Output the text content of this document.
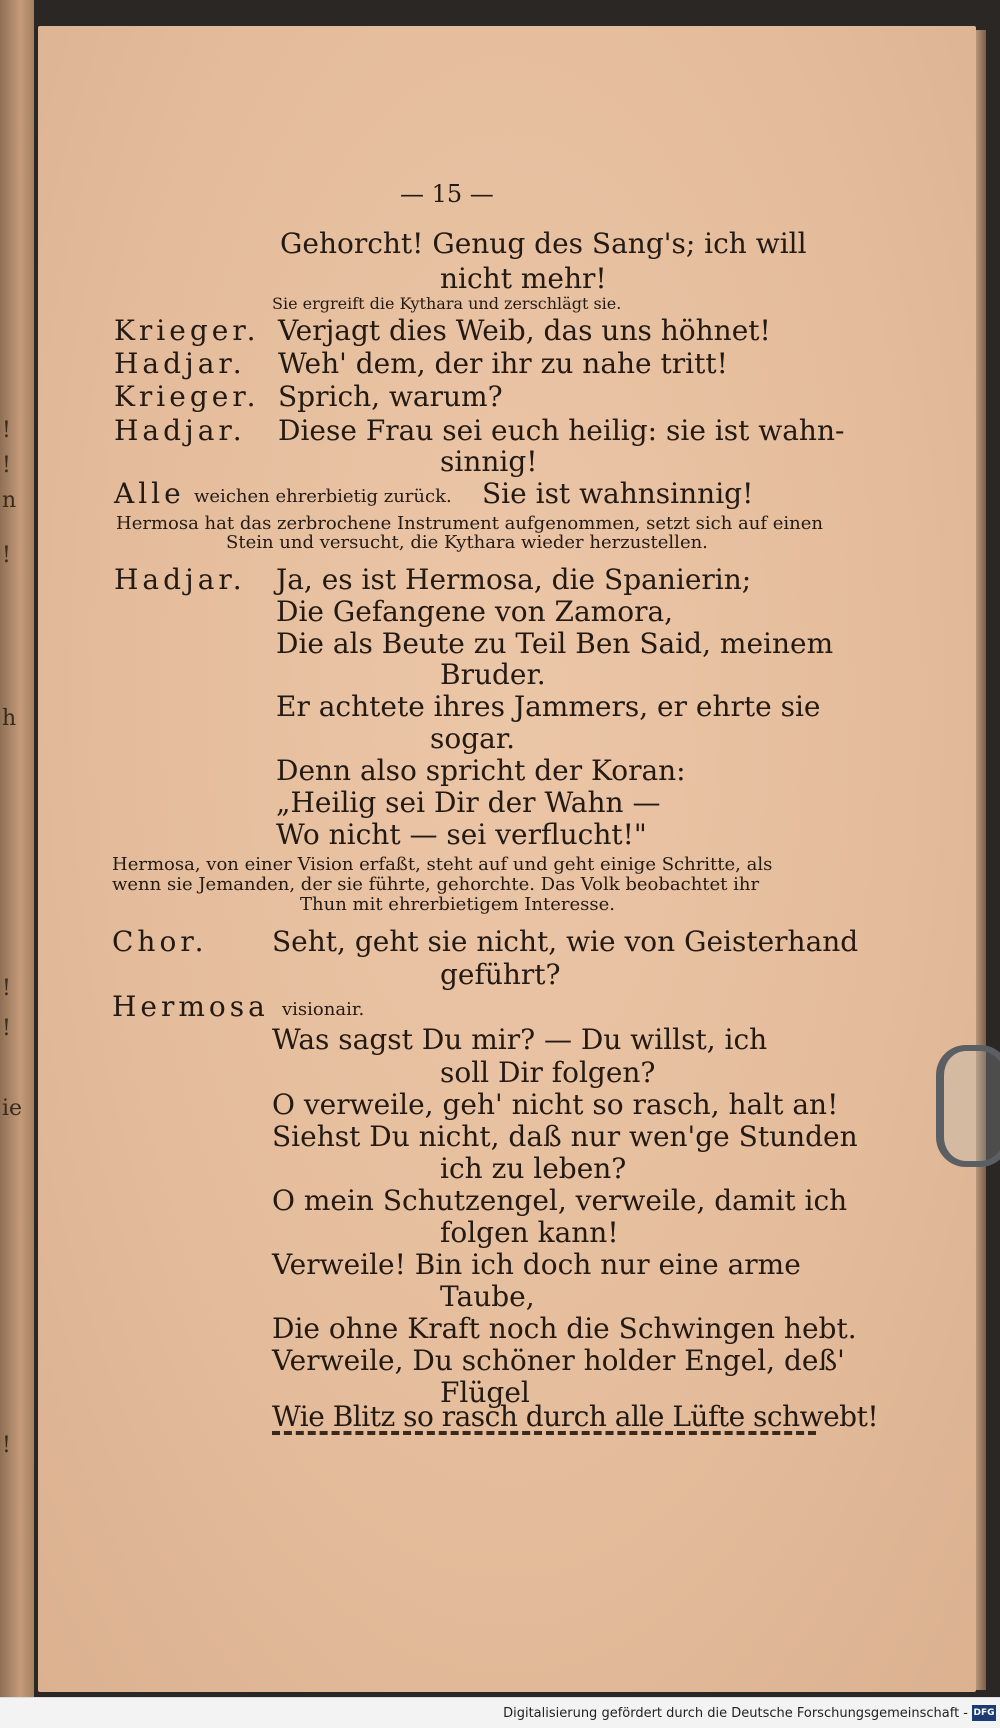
!
!
n
!
h
!
!
ie
!
— 15 —
Gehorcht! Genug des Sang's; ich will
nicht mehr!
Sie ergreift die Kythara und zerschlägt sie.
Krieger. Verjagt dies Weib, das uns höhnet!
Hadjar. Weh' dem, der ihr zu nahe tritt!
Krieger. Sprich, warum?
Hadjar. Diese Frau sei euch heilig: sie ist wahn-
sinnig!
Alle weichen ehrerbietig zurück. Sie ist wahnsinnig!
Hermosa hat das zerbrochene Instrument aufgenommen, setzt sich auf einen
Stein und versucht, die Kythara wieder herzustellen.
Hadjar. Ja, es ist Hermosa, die Spanierin;
Die Gefangene von Zamora,
Die als Beute zu Teil Ben Said, meinem
Bruder.
Er achtete ihres Jammers, er ehrte sie
sogar.
Denn also spricht der Koran:
„Heilig sei Dir der Wahn —
Wo nicht — sei verflucht!"
Hermosa, von einer Vision erfaßt, steht auf und geht einige Schritte, als
wenn sie Jemanden, der sie führte, gehorchte. Das Volk beobachtet ihr
Thun mit ehrerbietigem Interesse.
Chor. Seht, geht sie nicht, wie von Geisterhand
geführt?
Hermosa visionair.
Was sagst Du mir? — Du willst, ich
soll Dir folgen?
O verweile, geh' nicht so rasch, halt an!
Siehst Du nicht, daß nur wen'ge Stunden
ich zu leben?
O mein Schutzengel, verweile, damit ich
folgen kann!
Verweile! Bin ich doch nur eine arme
Taube,
Die ohne Kraft noch die Schwingen hebt.
Verweile, Du schöner holder Engel, deß'
Flügel
Wie Blitz so rasch durch alle Lüfte schwebt!
Digitalisierung gefördert durch die Deutsche Forschungsgemeinschaft - DFG
